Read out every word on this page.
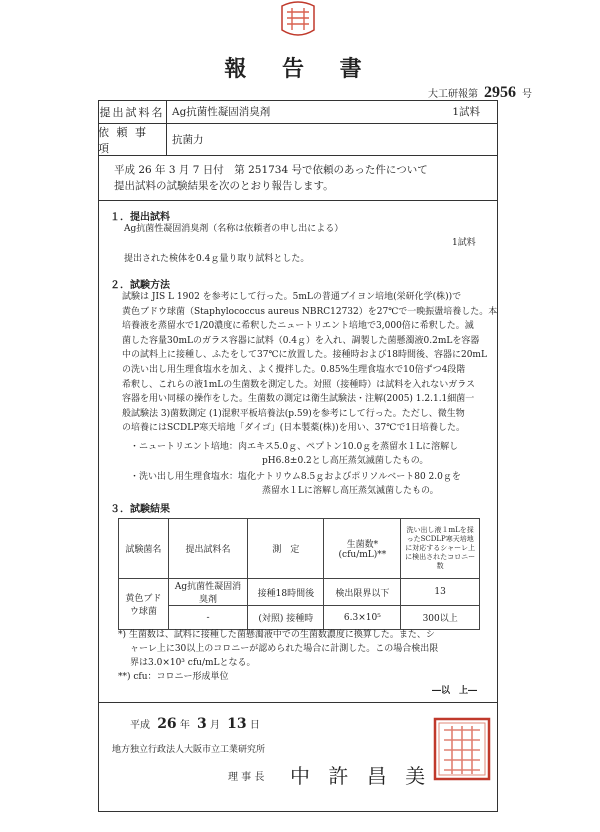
報 告 書
大工研報第 2956 号
提出試料名 Ag抗菌性凝固消臭剤	1試料
依 頼 事 項
抗菌力
平成 26 年 3 月 7 日付　第 251734 号で依頼のあった件について
提出試料の試験結果を次のとおり報告します。
１．提出試料
Ag抗菌性凝固消臭剤（名称は依頼者の申し出による）
1試料
提出された検体を0.4ｇ量り取り試料とした。
２．試験方法
試験は JIS L 1902 を参考にして行った。5mLの普通ブイヨン培地(栄研化学(株))で
黄色ブドウ球菌（Staphylococcus aureus NBRC12732）を27℃で一晩振盪培養した。本
培養液を蒸留水で1/20濃度に希釈したニュートリエント培地で3,000倍に希釈した。滅
菌した容量30mLのガラス容器に試料（0.4ｇ）を入れ、調製した菌懸濁液0.2mLを容器
中の試料上に接種し、ふたをして37℃に放置した。接種時および18時間後、容器に20mL
の洗い出し用生理食塩水を加え、よく攪拌した。0.85%生理食塩水で10倍ずつ4段階
希釈し、これらの液1mLの生菌数を測定した。対照（接種時）は試料を入れないガラス
容器を用い同様の操作をした。生菌数の測定は衛生試験法・注解(2005) 1.2.1.1細菌一
般試験法 3)菌数測定 (1)混釈平板培養法(p.59)を参考にして行った。ただし、微生物
の培養にはSCDLP寒天培地「ダイゴ」(日本製薬(株))を用い、37℃で1日培養した。
・ニュートリエント培地： 肉エキス5.0ｇ、ペプトン10.0ｇを蒸留水１Lに溶解し
pH6.8±0.2とし高圧蒸気滅菌したもの。
・洗い出し用生理食塩水： 塩化ナトリウム8.5ｇおよびポリソルベート80 2.0ｇを
蒸留水１Lに溶解し高圧蒸気滅菌したもの。
３．試験結果
試験菌名	提出試料名	測　定	生菌数*
(cfu/mL)**	洗い出し液１mLを採ったSCDLP寒天培地に対応するシャーレ上に検出されたコロニー数
黄色ブドウ球菌	Ag抗菌性凝固消臭剤	接種18時間後	検出限界以下	13
	-	(対照) 接種時	6.3×10⁵	300以上
*) 生菌数は、試料に接種した菌懸濁液中での生菌数濃度に換算した。また、シ
ャーレ上に30以上のコロニーが認められた場合に計測した。この場合検出限
界は3.0×10³ cfu/mLとなる。
**) cfu：コロニー形成単位
―以　上―
平成 26 年 3 月 13 日
地方独立行政法人大阪市立工業研究所
理 事 長 中 許 昌 美
